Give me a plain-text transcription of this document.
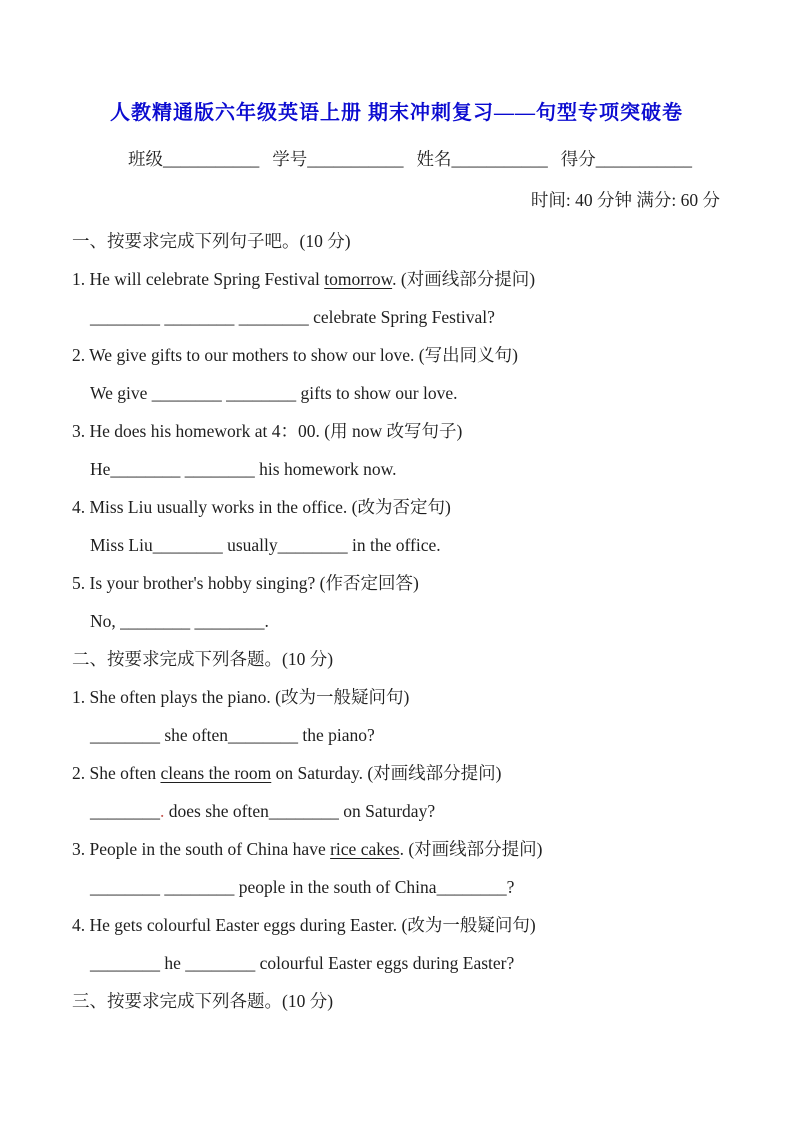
人教精通版六年级英语上册 期末冲刺复习——句型专项突破卷
班级___________ 学号___________ 姓名___________ 得分___________
时间: 40 分钟 满分: 60 分
一、按要求完成下列句子吧。(10 分)

1. He will celebrate Spring Festival tomorrow. (对画线部分提问)

________ ________ ________ celebrate Spring Festival?

2. We give gifts to our mothers to show our love. (写出同义句)

We give ________ ________ gifts to show our love.

3. He does his homework at 4：00. (用 now 改写句子)

He________ ________ his homework now.

4. Miss Liu usually works in the office. (改为否定句)

Miss Liu________ usually________ in the office.

5. Is your brother's hobby singing? (作否定回答)

No, ________ ________.

二、按要求完成下列各题。(10 分)

1. She often plays the piano. (改为一般疑问句)

________ she often________ the piano?

2. She often cleans the room on Saturday. (对画线部分提问)

________. does she often________ on Saturday?

3. People in the south of China have rice cakes. (对画线部分提问)

________ ________ people in the south of China________?

4. He gets colourful Easter eggs during Easter. (改为一般疑问句)

________ he ________ colourful Easter eggs during Easter?

三、按要求完成下列各题。(10 分)
